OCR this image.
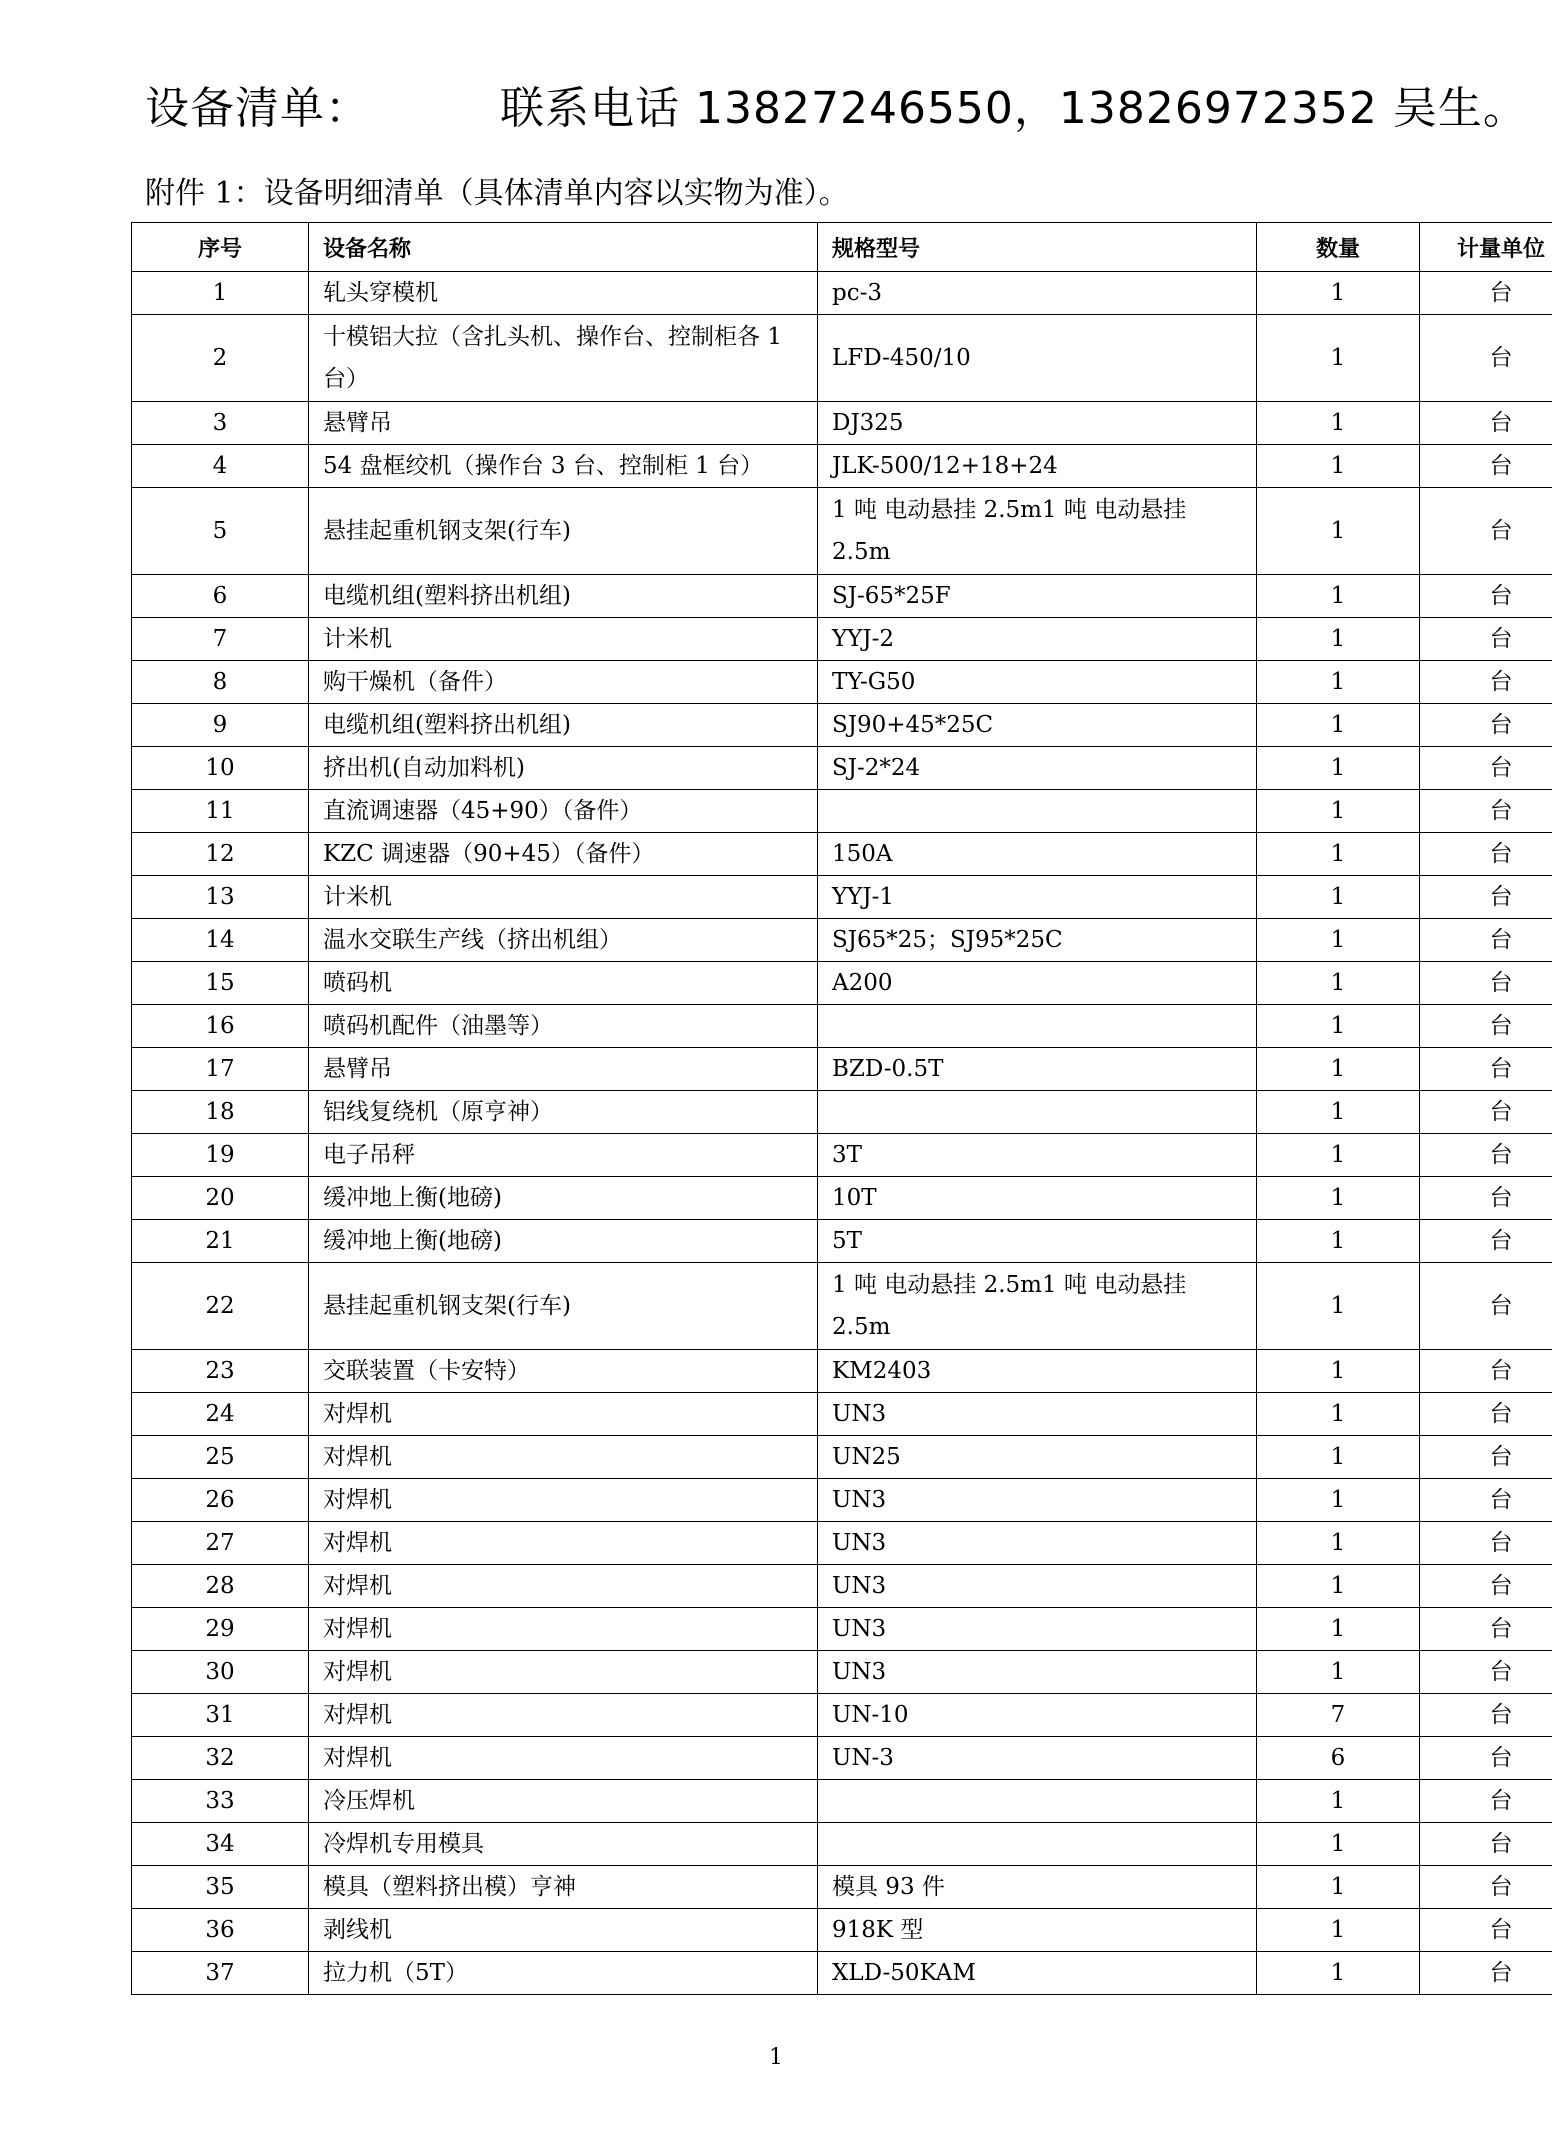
设备清单：	联系电话 13827246550，13826972352 吴生。

附件 1：设备明细清单（具体清单内容以实物为准）。

序号	设备名称	规格型号	数量	计量单位
1	轧头穿模机	pc-3	1	台
2	十模铝大拉（含扎头机、操作台、控制柜各 1 台）	LFD-450/10	1	台
3	悬臂吊	DJ325	1	台
4	54 盘框绞机（操作台 3 台、控制柜 1 台）	JLK-500/12+18+24	1	台
5	悬挂起重机钢支架(行车)	1 吨 电动悬挂 2.5m1 吨 电动悬挂 2.5m	1	台
6	电缆机组(塑料挤出机组)	SJ-65*25F	1	台
7	计米机	YYJ-2	1	台
8	购干燥机（备件）	TY-G50	1	台
9	电缆机组(塑料挤出机组)	SJ90+45*25C	1	台
10	挤出机(自动加料机)	SJ-2*24	1	台
11	直流调速器（45+90）（备件）		1	台
12	KZC 调速器（90+45）（备件）	150A	1	台
13	计米机	YYJ-1	1	台
14	温水交联生产线（挤出机组）	SJ65*25；SJ95*25C	1	台
15	喷码机	A200	1	台
16	喷码机配件（油墨等）		1	台
17	悬臂吊	BZD-0.5T	1	台
18	铝线复绕机（原亨神）		1	台
19	电子吊秤	3T	1	台
20	缓冲地上衡(地磅)	10T	1	台
21	缓冲地上衡(地磅)	5T	1	台
22	悬挂起重机钢支架(行车)	1 吨 电动悬挂 2.5m1 吨 电动悬挂 2.5m	1	台
23	交联装置（卡安特）	KM2403	1	台
24	对焊机	UN3	1	台
25	对焊机	UN25	1	台
26	对焊机	UN3	1	台
27	对焊机	UN3	1	台
28	对焊机	UN3	1	台
29	对焊机	UN3	1	台
30	对焊机	UN3	1	台
31	对焊机	UN-10	7	台
32	对焊机	UN-3	6	台
33	冷压焊机		1	台
34	冷焊机专用模具		1	台
35	模具（塑料挤出模）亨神	模具 93 件	1	台
36	剥线机	918K 型	1	台
37	拉力机（5T）	XLD-50KAM	1	台

1
